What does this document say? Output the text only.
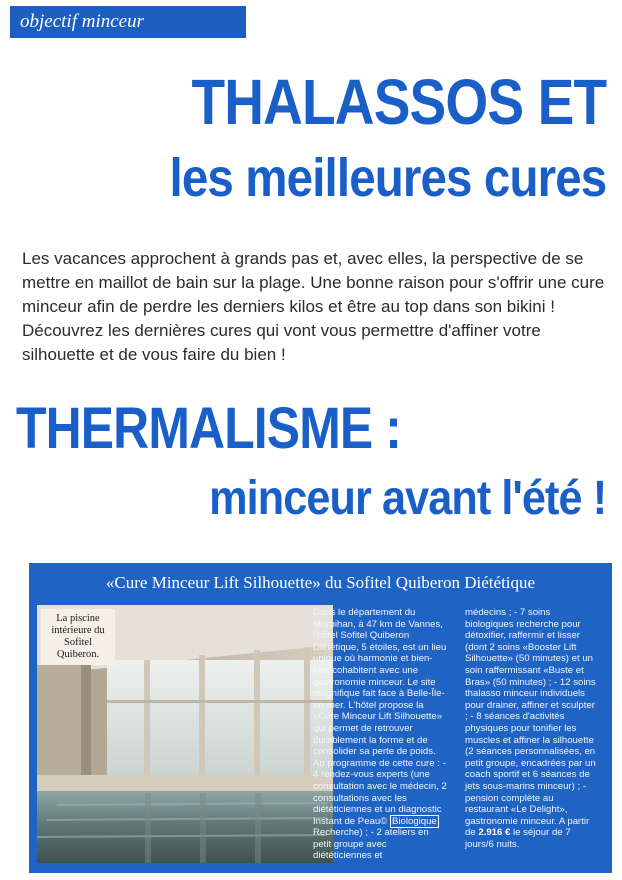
objectif minceur
THALASSOS ET
les meilleures cures

Les vacances approchent à grands pas et, avec elles, la perspective de se mettre en maillot de bain sur la plage. Une bonne raison pour s'offrir une cure minceur afin de perdre les derniers kilos et être au top dans son bikini ! Découvrez les dernières cures qui vont vous permettre d'affiner votre silhouette et de vous faire du bien !

THERMALISME :
minceur avant l'été !
«Cure Minceur Lift Silhouette» du Sofitel Quiberon Diététique
La piscine intérieure du Sofitel Quiberon.

Dans le département du Morbihan, à 47 km de Vannes, l'hôtel Sofitel Quiberon Diététique, 5 étoiles, est un lieu unique où harmonie et bien-être cohabitent avec une gastronomie minceur. Le site magnifique fait face à Belle-Île-en-mer. L'hôtel propose la «Cure Minceur Lift Silhouette» qui permet de retrouver durablement la forme et de consolider sa perte de poids. Au programme de cette cure : - 4 rendez-vous experts (une consultation avec le médecin, 2 consultations avec les diététiciennes et un diagnostic Instant de Peau© Biologique Recherche) ; - 2 ateliers en petit groupe avec diététiciennes et

médecins ; - 7 soins biologiques recherche pour détoxifier, raffermir et lisser (dont 2 soins «Booster Lift Silhouette» (50 minutes) et un soin raffermissant «Buste et Bras» (50 minutes) ; - 12 soins thalasso minceur individuels pour drainer, affiner et sculpter ; - 8 séances d'activités physiques pour tonifier les muscles et affiner la silhouette (2 séances personnalisées, en petit groupe, encadrées par un coach sportif et 6 séances de jets sous-marins minceur) ; - pension complète au restaurant «Le Delight», gastronomie minceur. A partir de 2.916 € le séjour de 7 jours/6 nuits.
